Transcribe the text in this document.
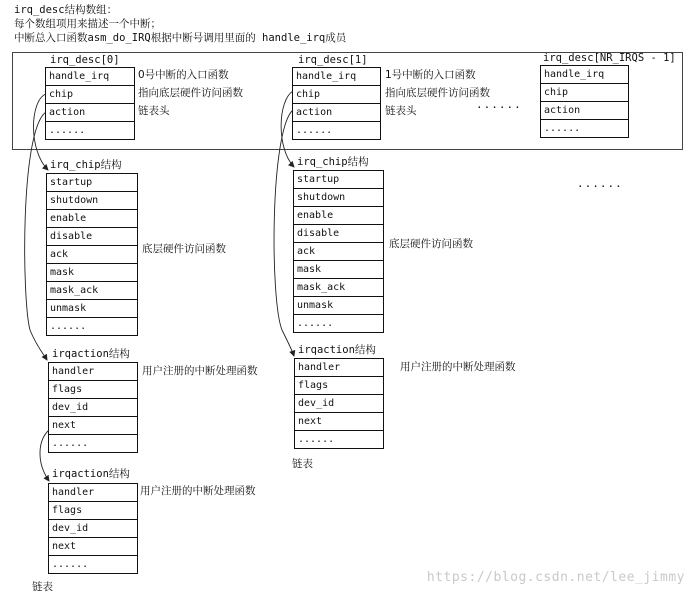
irq_desc结构数组：
每个数组项用来描述一个中断；
中断总入口函数asm_do_IRQ根据中断号调用里面的 handle_irq成员
irq_desc[0]
handle_irq
chip
action
......
0号中断的入口函数
指向底层硬件访问函数
链表头
irq_desc[1]
handle_irq
chip
action
......
1号中断的入口函数
指向底层硬件访问函数
链表头	......
irq_desc[NR_IRQS - 1]
handle_irq
chip
action
......
irq_chip结构
startup
shutdown
enable
disable
ack
mask
mask_ack
unmask
......
底层硬件访问函数
irq_chip结构
startup
shutdown
enable
disable
ack
mask
mask_ack
unmask
......
底层硬件访问函数
......
irqaction结构
handler
flags
dev_id
next
......
用户注册的中断处理函数
irqaction结构
handler
flags
dev_id
next
......
用户注册的中断处理函数
链表
irqaction结构
handler
flags
dev_id
next
......
用户注册的中断处理函数
链表
https://blog.csdn.net/lee_jimmy
